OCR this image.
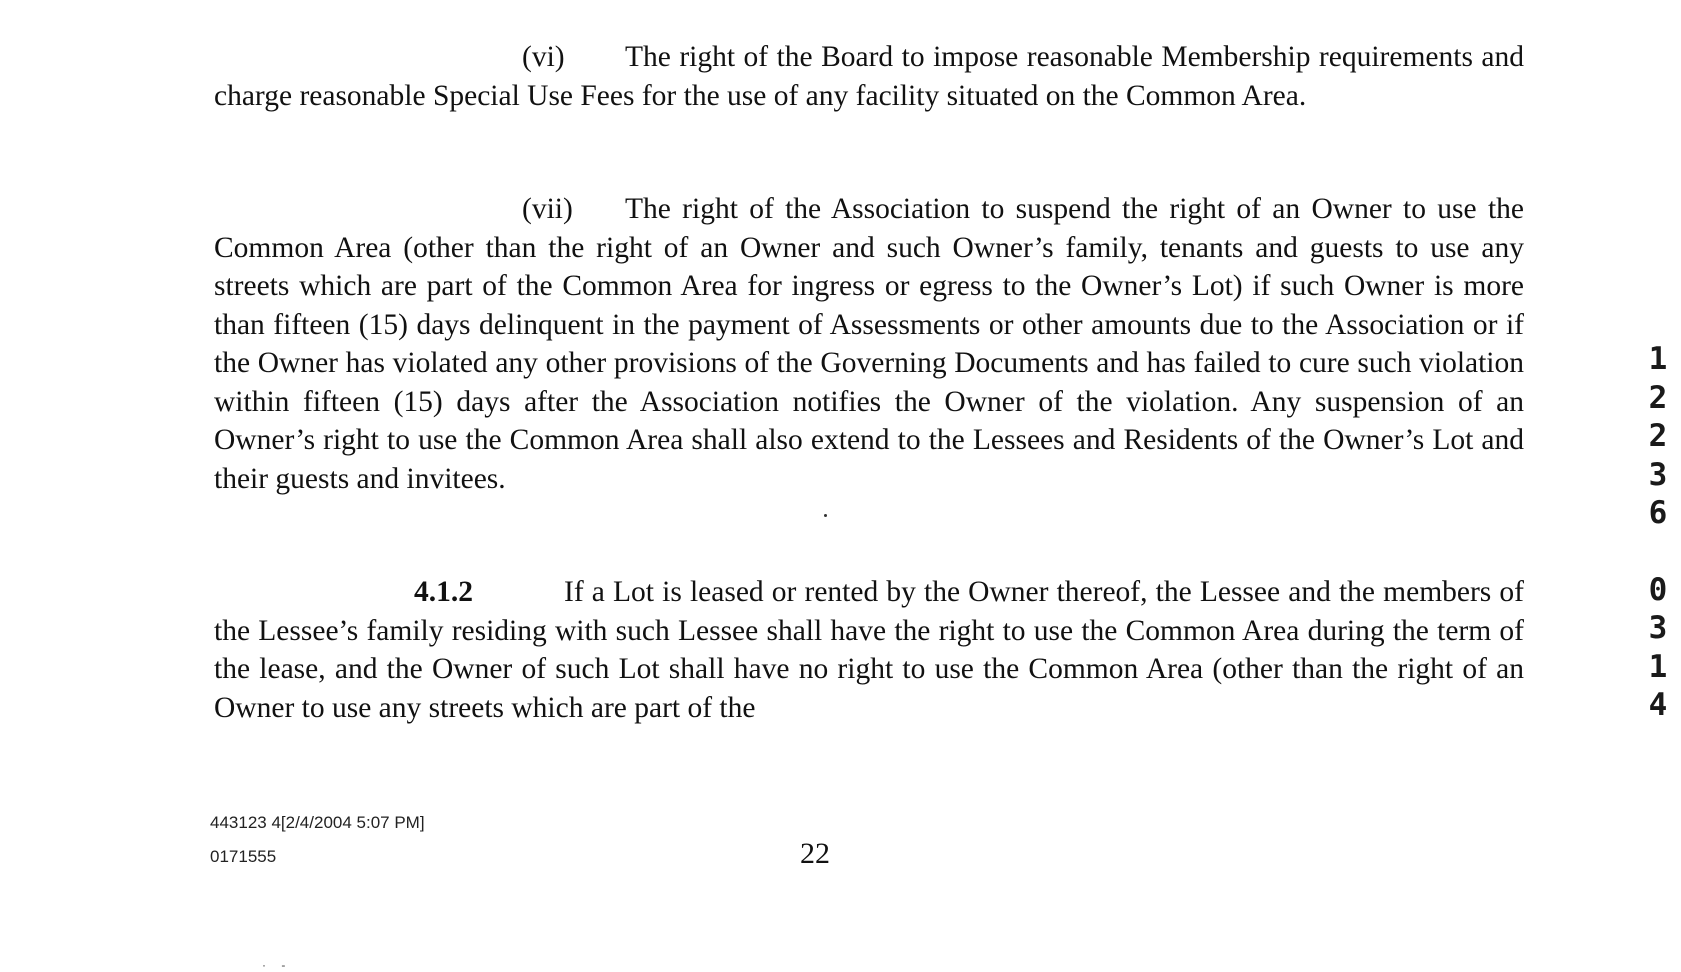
(vi) The right of the Board to impose reasonable Membership requirements and charge reasonable Special Use Fees for the use of any facility situated on the Common Area.
(vii) The right of the Association to suspend the right of an Owner to use the Common Area (other than the right of an Owner and such Owner’s family, tenants and guests to use any streets which are part of the Common Area for ingress or egress to the Owner’s Lot) if such Owner is more than fifteen (15) days delinquent in the payment of Assessments or other amounts due to the Association or if the Owner has violated any other provisions of the Governing Documents and has failed to cure such violation within fifteen (15) days after the Association notifies the Owner of the violation. Any suspension of an Owner’s right to use the Common Area shall also extend to the Lessees and Residents of the Owner’s Lot and their guests and invitees.
4.1.2	If a Lot is leased or rented by the Owner thereof, the Lessee and the members of the Lessee’s family residing with such Lessee shall have the right to use the Common Area during the term of the lease, and the Owner of such Lot shall have no right to use the Common Area (other than the right of an Owner to use any streets which are part of the
1
2
2
3
6
0
3
1
4
443123 4[2/4/2004 5:07 PM]
0171555	22
· -
